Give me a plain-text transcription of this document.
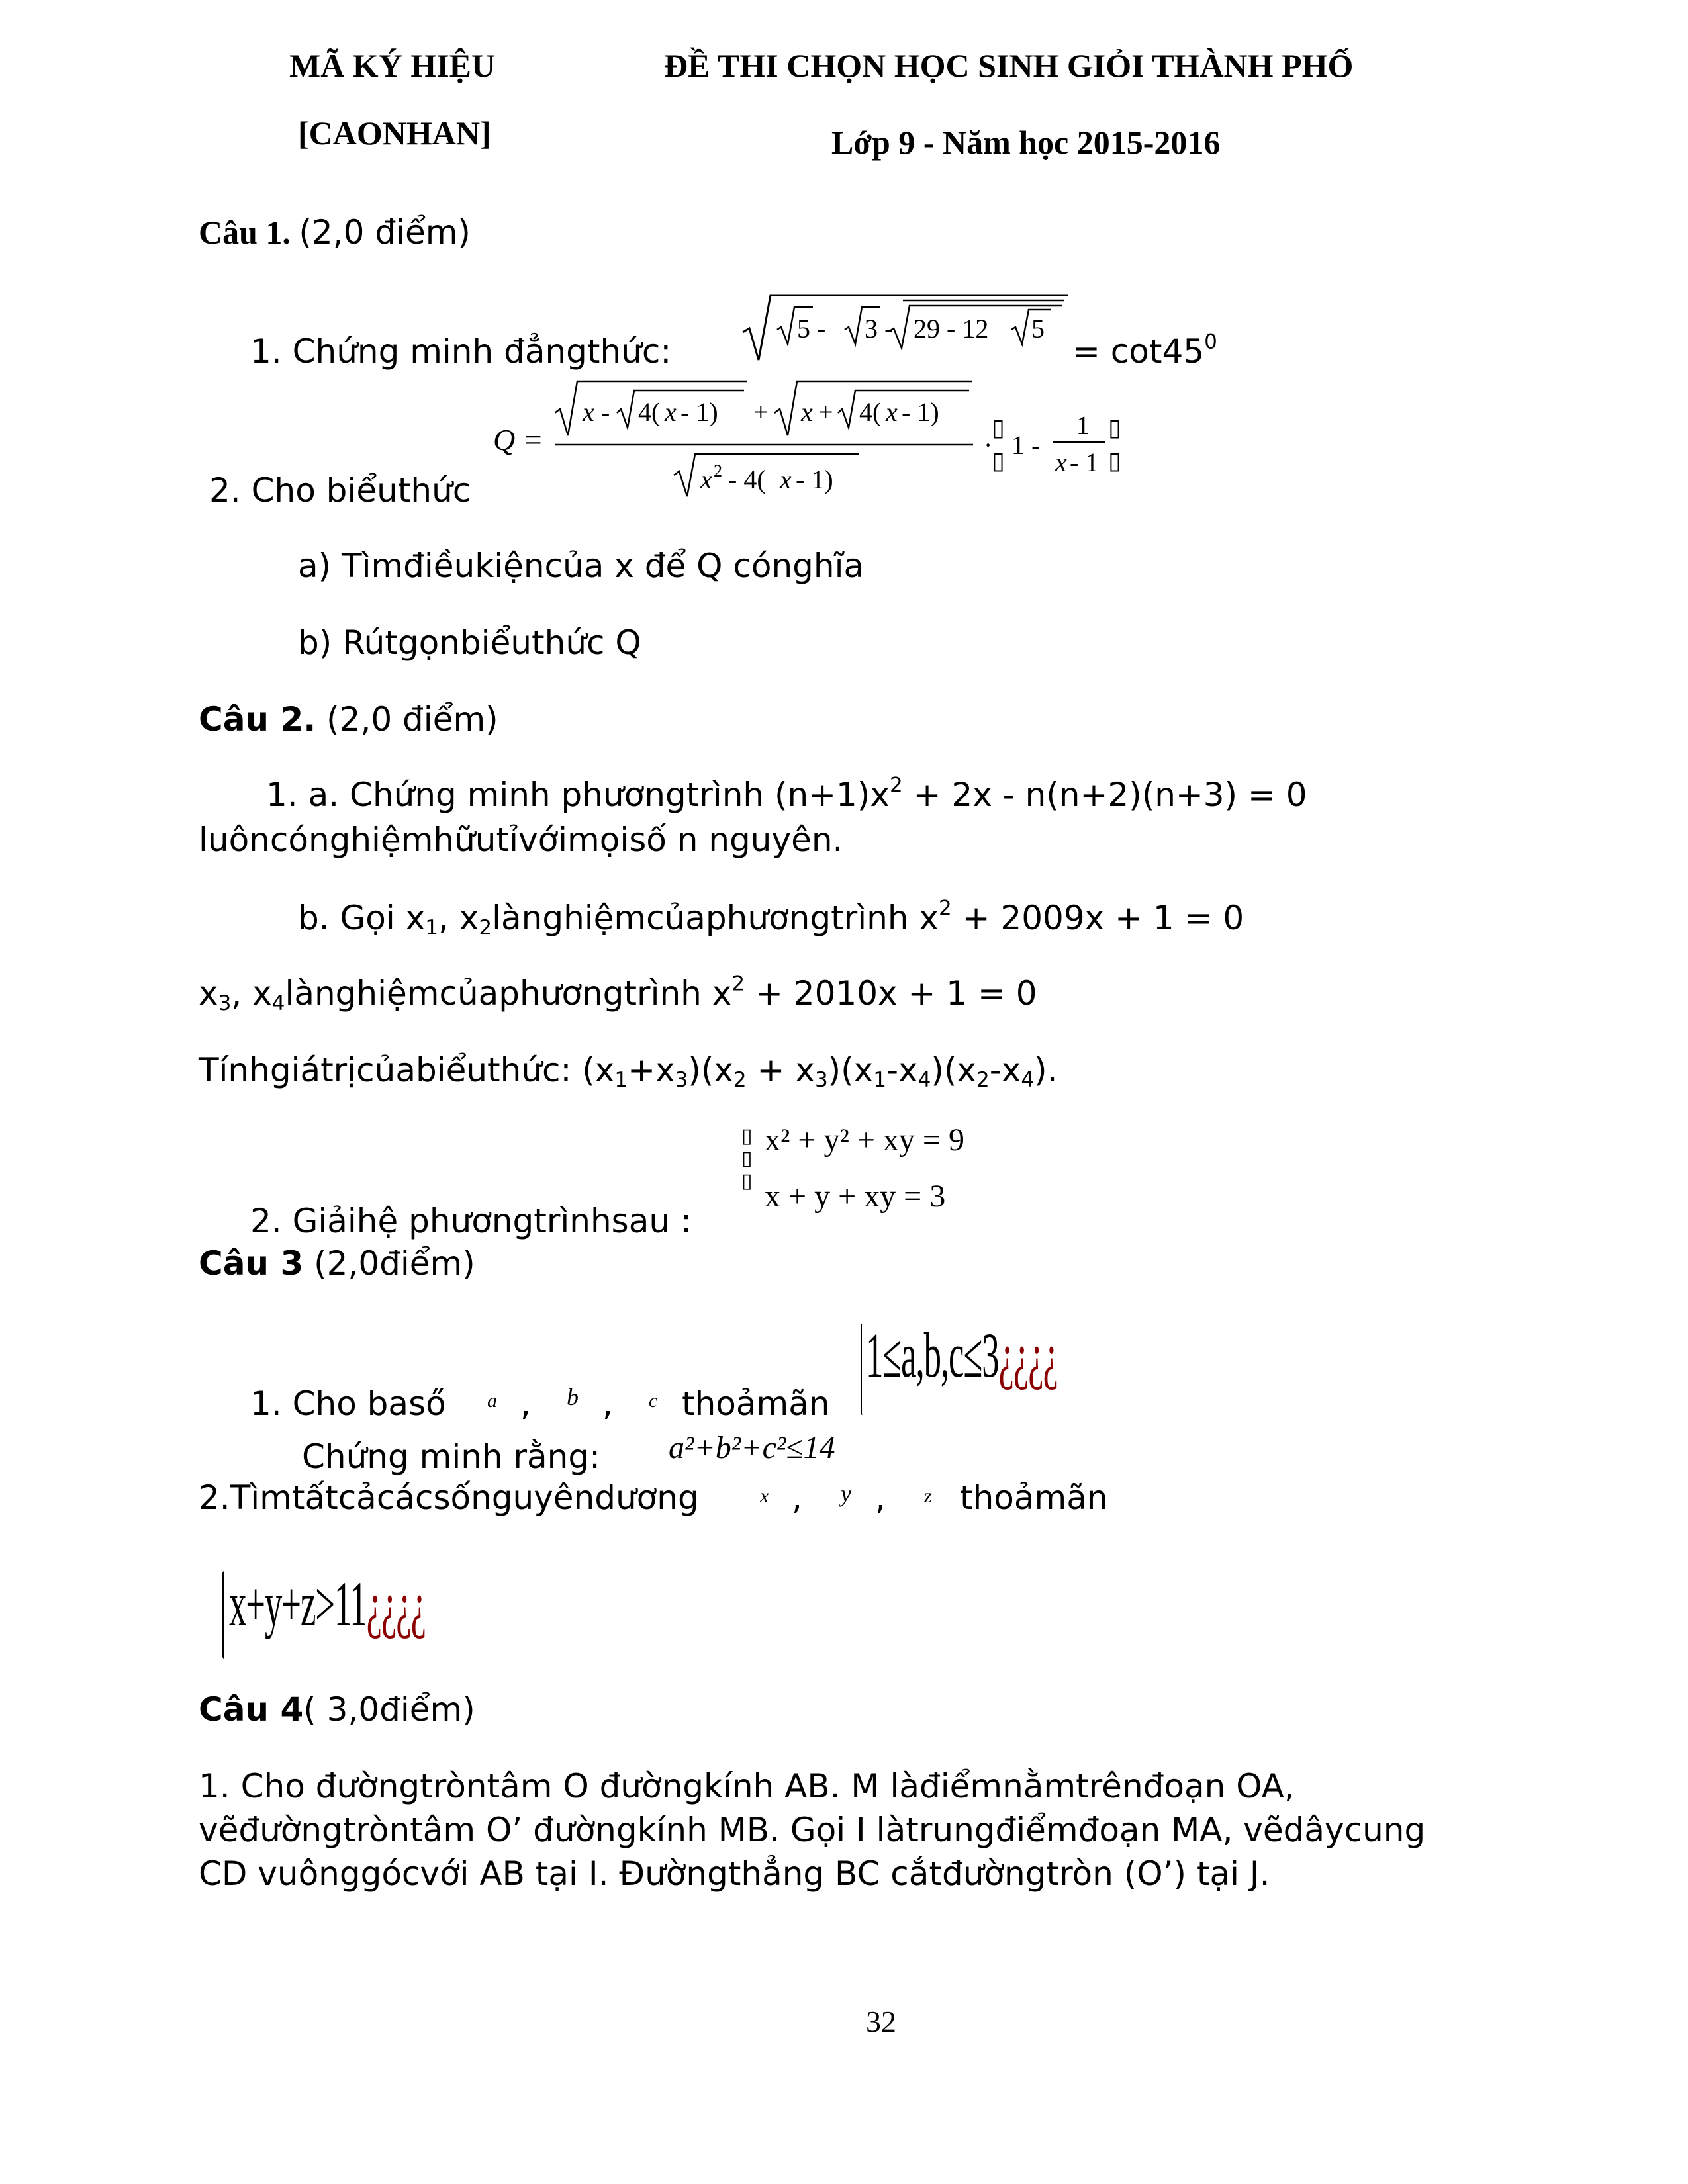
MÃ KÝ HIỆU
[CAONHAN]
ĐỀ THI CHỌN HỌC SINH GIỎI THÀNH PHỐ
Lớp 9 - Năm học 2015-2016
Câu 1. (2,0 điểm)
1. Chứng minh đẳngthức:
5 - 3 - 29 - 12 5
= $\cot 45^0$
Q =
x - 4( x - 1) + x + 4( x - 1)
x 2 - 4( x - 1)
·
▯
▯
1 -
1
x - 1
▯
▯
2. Cho biểuthức
a) Tìmđiềukiệncủa x để Q cónghĩa
b) Rútgọnbiểuthức Q
Câu 2. (2,0 điểm)
1. a. Chứng minh phươngtrình $(n+1)x^2 + 2x - n(n+2)(n+3) = 0$
luôncónghiệmhữutỉvớimọisố n nguyên.
b. Gọi $x_1$, $x_2lànghiệmcủaphươngtrình$ $x^2 + 2009x + 1 = 0$
$x_3$, $x_4lànghiệmcủaphươngtrình$ $x^2 + 2010x + 1 = 0$
Tínhgiátrịcủabiểuthức: $(x_1+x_3)(x_2 + x_3)(x_1-x_4)(x_2-x_4)$.
▯
▯
▯
x² + y² + xy = 9
x + y + xy = 3
2. Giảihệ phươngtrìnhsau :
Câu 3 (2,0điểm)
1. Cho baső a , b , c thoảmãn
1≤a,b,c≤3¿¿¿¿
Chứng minh rằng: a²+b²+c²≤14
2.Tìmtấtcảcácsốnguyêndương	x , y , z thoảmãn
x+y+z>11¿¿¿¿
Câu 4( 3,0điểm)
1. Cho đườngtròntâm O đườngkính AB. M làđiểmnằmtrênđoạn OA,
vẽđườngtròntâm O’ đườngkính MB. Gọi I làtrungđiểmđoạn MA, vẽdâycung
CD vuônggócvới AB tại I. Đườngthẳng BC cắtđườngtròn (O’) tại J.
32
